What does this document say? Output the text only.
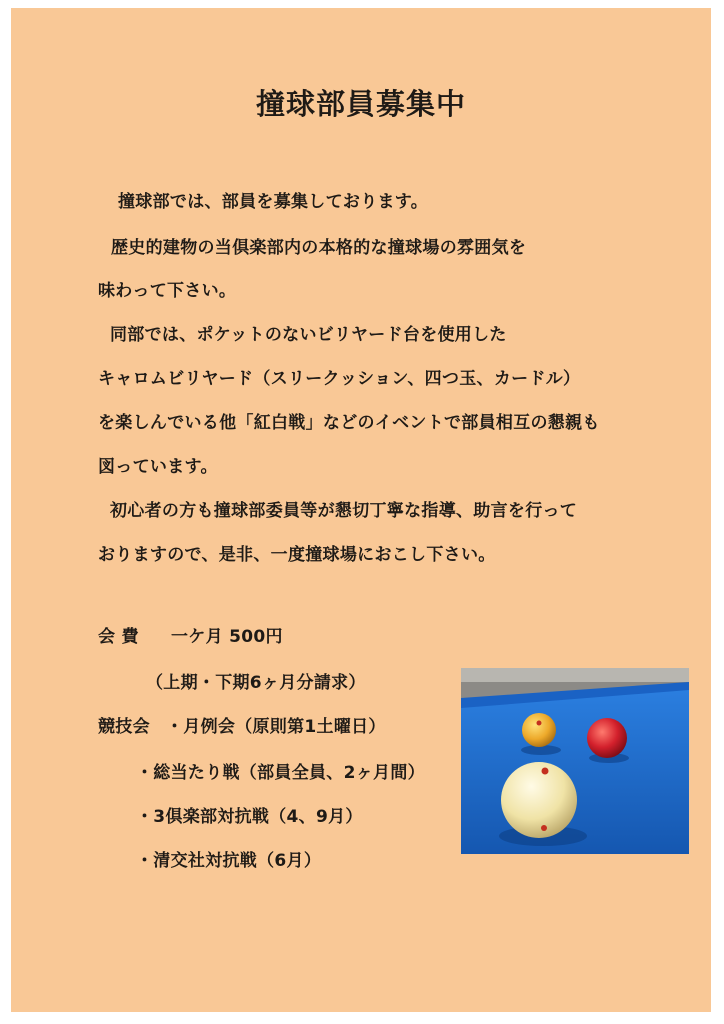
撞球部員募集中
撞球部では、部員を募集しております。
歴史的建物の当倶楽部内の本格的な撞球場の雰囲気を
味わって下さい。
同部では、ポケットのないビリヤード台を使用した
キャロムビリヤード（スリークッション、四つ玉、カードル）
を楽しんでいる他「紅白戦」などのイベントで部員相互の懇親も
図っています。
初心者の方も撞球部委員等が懇切丁寧な指導、助言を行って
おりますので、是非、一度撞球場におこし下さい。
会 費 一ケ月 500円
（上期・下期6ヶ月分請求）
競技会 ・月例会（原則第1土曜日）
・総当たり戦（部員全員、2ヶ月間）
・3倶楽部対抗戦（4、9月）
・清交社対抗戦（6月）
